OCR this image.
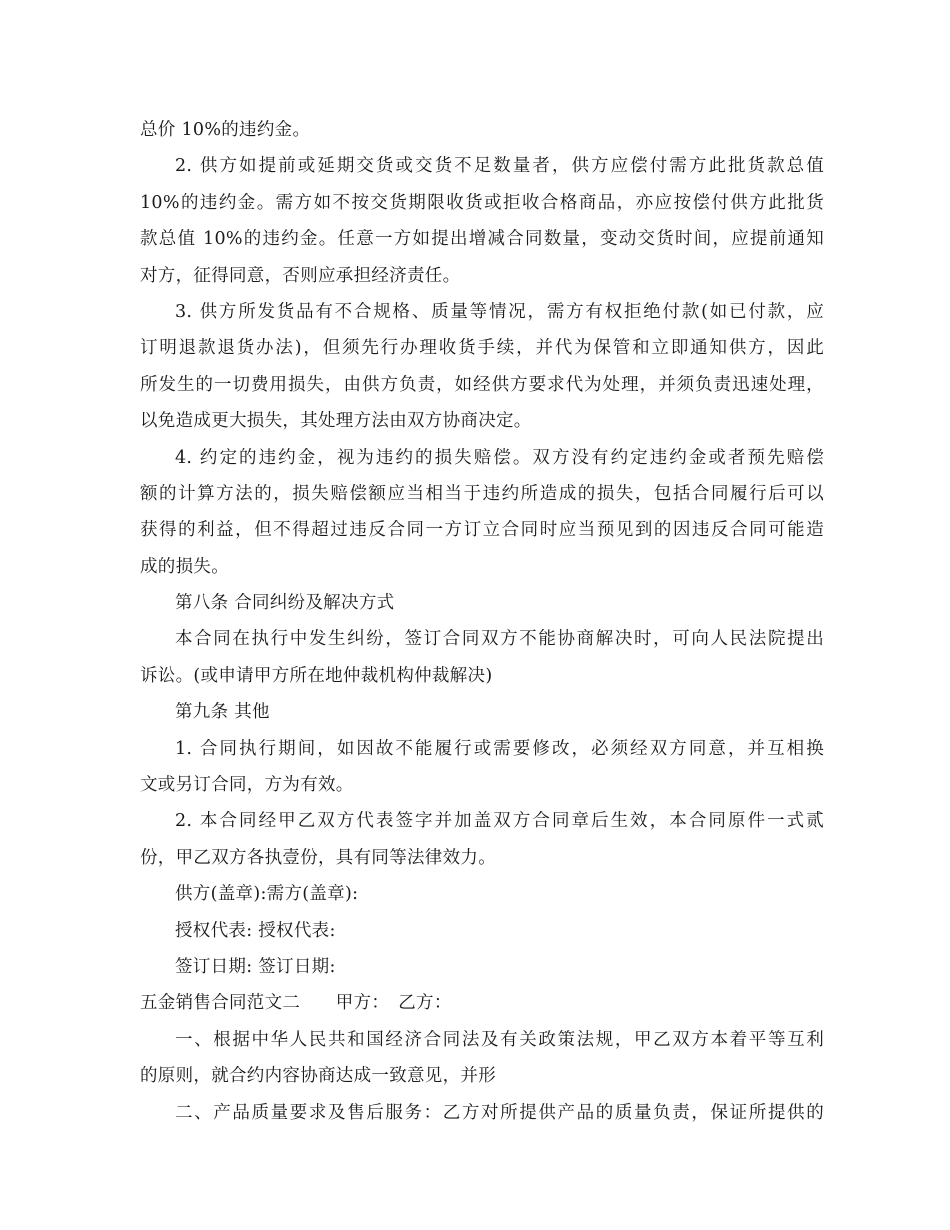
总价 10%的违约金。
2. 供方如提前或延期交货或交货不足数量者，供方应偿付需方此批货款总值
10%的违约金。需方如不按交货期限收货或拒收合格商品，亦应按偿付供方此批货
款总值 10%的违约金。任意一方如提出增减合同数量，变动交货时间，应提前通知
对方，征得同意，否则应承担经济责任。
3. 供方所发货品有不合规格、质量等情况，需方有权拒绝付款(如已付款，应
订明退款退货办法)，但须先行办理收货手续，并代为保管和立即通知供方，因此
所发生的一切费用损失，由供方负责，如经供方要求代为处理，并须负责迅速处理，
以免造成更大损失，其处理方法由双方协商决定。
4. 约定的违约金，视为违约的损失赔偿。双方没有约定违约金或者预先赔偿
额的计算方法的，损失赔偿额应当相当于违约所造成的损失，包括合同履行后可以
获得的利益，但不得超过违反合同一方订立合同时应当预见到的因违反合同可能造
成的损失。
第八条 合同纠纷及解决方式
本合同在执行中发生纠纷，签订合同双方不能协商解决时，可向人民法院提出
诉讼。(或申请甲方所在地仲裁机构仲裁解决)
第九条 其他
1. 合同执行期间，如因故不能履行或需要修改，必须经双方同意，并互相换
文或另订合同，方为有效。
2. 本合同经甲乙双方代表签字并加盖双方合同章后生效，本合同原件一式贰
份，甲乙双方各执壹份，具有同等法律效力。
供方(盖章):需方(盖章):
授权代表: 授权代表:
签订日期: 签订日期:
五金销售合同范文二　　甲方：　乙方：
一、根据中华人民共和国经济合同法及有关政策法规，甲乙双方本着平等互利
的原则，就合约内容协商达成一致意见，并形
二、产品质量要求及售后服务：乙方对所提供产品的质量负责，保证所提供的
